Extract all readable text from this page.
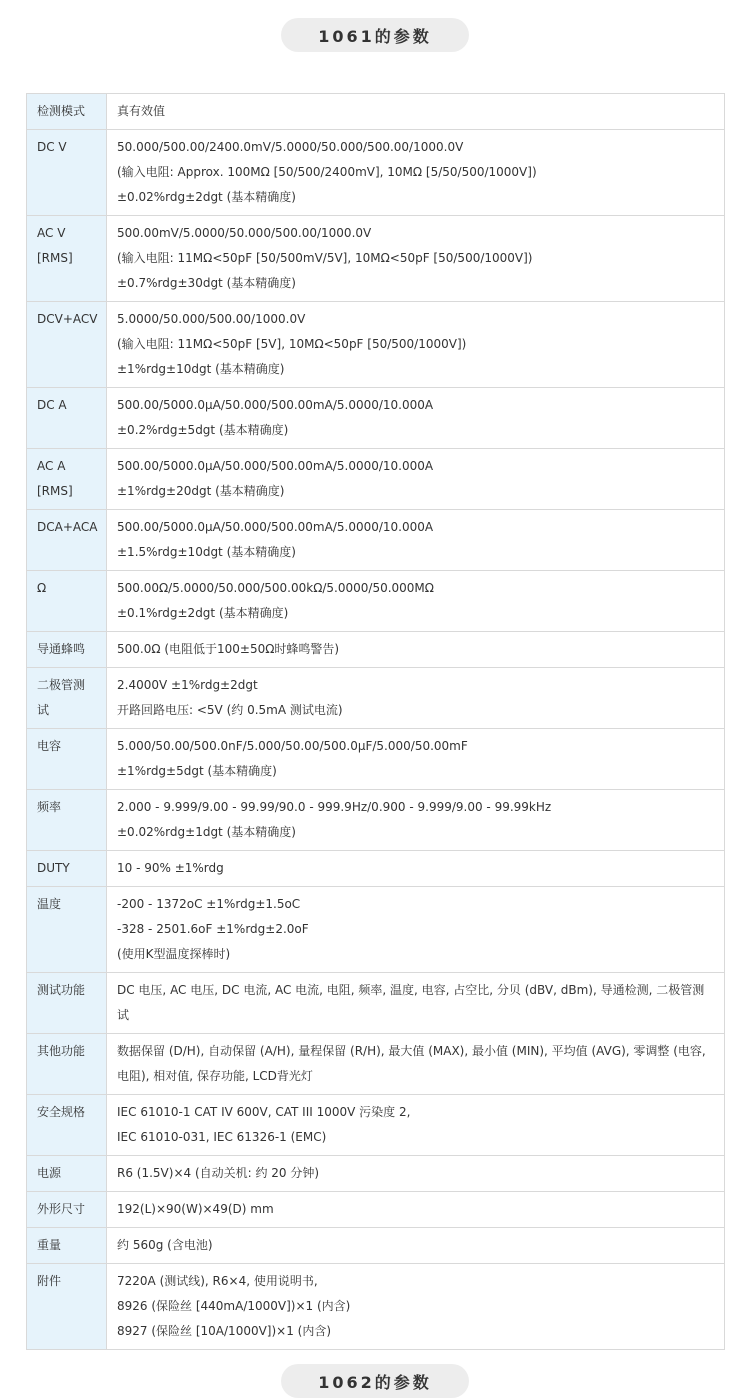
1061的参数
检测模式	真有效值

DC V	50.000/500.00/2400.0mV/5.0000/50.000/500.00/1000.0V
(输入电阻: Approx. 100MΩ [50/500/2400mV], 10MΩ [5/50/500/1000V])
±0.02%rdg±2dgt (基本精确度)

AC V [RMS]	500.00mV/5.0000/50.000/500.00/1000.0V
(输入电阻: 11MΩ<50pF [50/500mV/5V], 10MΩ<50pF [50/500/1000V])
±0.7%rdg±30dgt (基本精确度)

DCV+ACV	5.0000/50.000/500.00/1000.0V
(输入电阻: 11MΩ<50pF [5V], 10MΩ<50pF [50/500/1000V])
±1%rdg±10dgt (基本精确度)

DC A	500.00/5000.0μA/50.000/500.00mA/5.0000/10.000A
±0.2%rdg±5dgt (基本精确度)

AC A [RMS]	500.00/5000.0μA/50.000/500.00mA/5.0000/10.000A
±1%rdg±20dgt (基本精确度)

DCA+ACA	500.00/5000.0μA/50.000/500.00mA/5.0000/10.000A
±1.5%rdg±10dgt (基本精确度)

Ω	500.00Ω/5.0000/50.000/500.00kΩ/5.0000/50.000MΩ
±0.1%rdg±2dgt (基本精确度)

导通蜂鸣	500.0Ω (电阻低于100±50Ω时蜂鸣警告)

二极管测试	2.4000V ±1%rdg±2dgt
开路回路电压: <5V (约 0.5mA 测试电流)

电容	5.000/50.00/500.0nF/5.000/50.00/500.0μF/5.000/50.00mF
±1%rdg±5dgt (基本精确度)

频率	2.000 - 9.999/9.00 - 99.99/90.0 - 999.9Hz/0.900 - 9.999/9.00 - 99.99kHz
±0.02%rdg±1dgt (基本精确度)

DUTY	10 - 90% ±1%rdg

温度	-200 - 1372oC ±1%rdg±1.5oC
-328 - 2501.6oF ±1%rdg±2.0oF
(使用K型温度探棒时)

测试功能	DC 电压, AC 电压, DC 电流, AC 电流, 电阻, 频率, 温度, 电容, 占空比, 分贝 (dBV, dBm), 导通检测, 二极管测试

其他功能	数据保留 (D/H), 自动保留 (A/H), 量程保留 (R/H), 最大值 (MAX), 最小值 (MIN), 平均值 (AVG), 零调整 (电容, 电阻), 相对值, 保存功能, LCD背光灯

安全规格	IEC 61010-1 CAT IV 600V, CAT III 1000V 污染度 2,
IEC 61010-031, IEC 61326-1 (EMC)

电源	R6 (1.5V)×4 (自动关机: 约 20 分钟)

外形尺寸	192(L)×90(W)×49(D) mm

重量	约 560g (含电池)

附件	7220A (测试线), R6×4, 使用说明书,
8926 (保险丝 [440mA/1000V])×1 (内含)
8927 (保险丝 [10A/1000V])×1 (内含)
1062的参数
